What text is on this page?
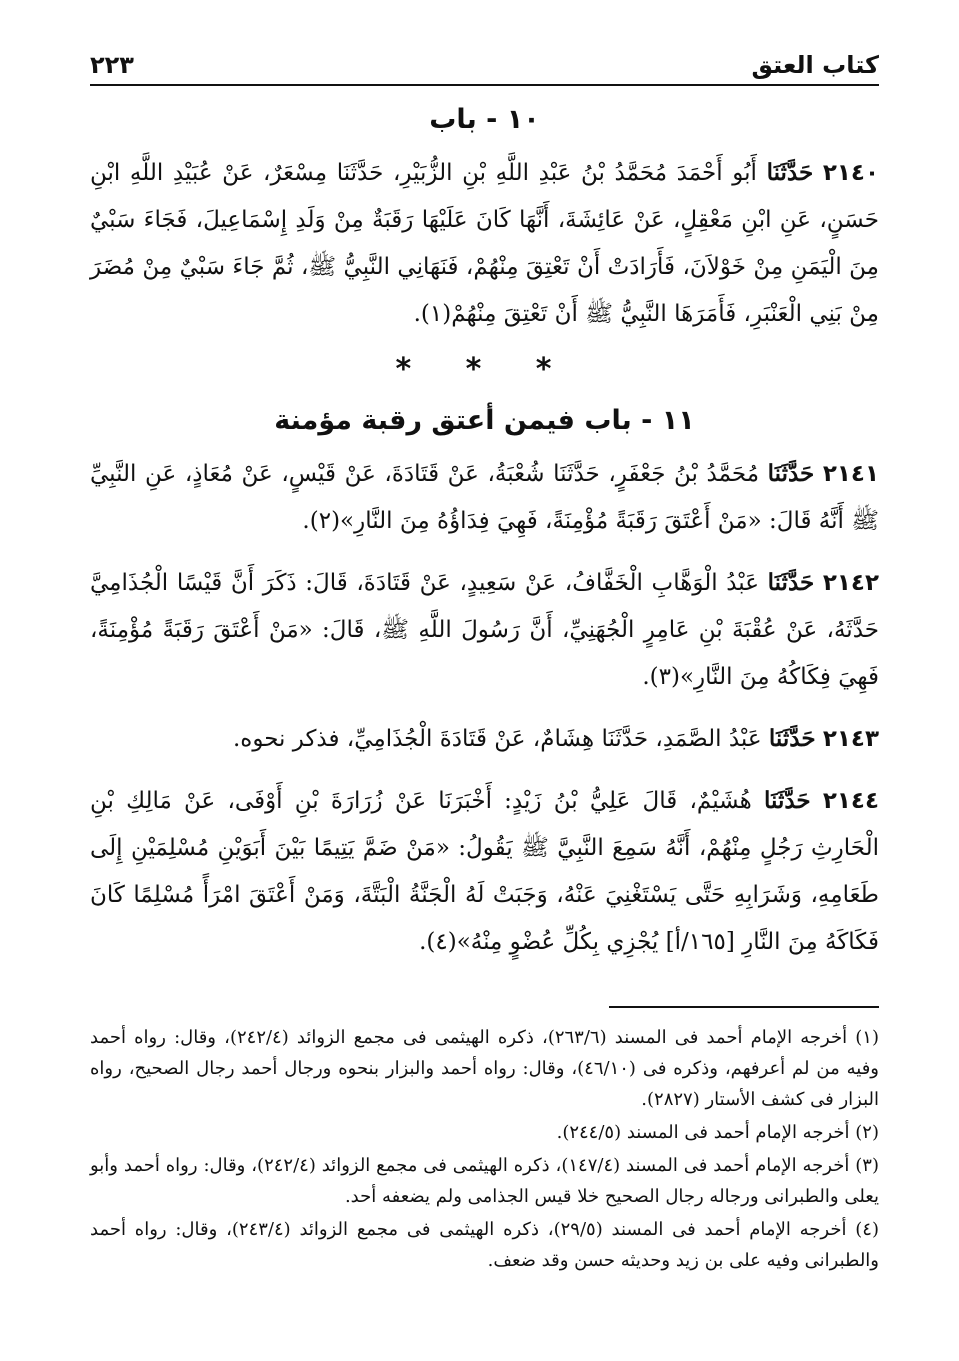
كتاب العتق
٢٢٣
١٠ - باب

٢١٤٠ حَدَّثَنَا أَبُو أَحْمَدَ مُحَمَّدُ بْنُ عَبْدِ اللَّهِ بْنِ الزُّبَيْرِ، حَدَّثَنَا مِسْعَرٌ، عَنْ عُبَيْدِ اللَّهِ ابْنِ حَسَنٍ، عَنِ ابْنِ مَعْقِلٍ، عَنْ عَائِشَةَ، أَنَّهَا كَانَ عَلَيْهَا رَقَبَةٌ مِنْ وَلَدِ إِسْمَاعِيلَ، فَجَاءَ سَبْيٌ مِنَ الْيَمَنِ مِنْ خَوْلاَنَ، فَأَرَادَتْ أَنْ تَعْتِقَ مِنْهُمْ، فَنَهَانِي النَّبِيُّ ﷺ، ثُمَّ جَاءَ سَبْيٌ مِنْ مُضَرَ مِنْ بَنِي الْعَنْبَرِ، فَأَمَرَهَا النَّبِيُّ ﷺ أَنْ تَعْتِقَ مِنْهُمْ(١).

* * *
١١ - باب فيمن أعتق رقبة مؤمنة

٢١٤١ حَدَّثَنَا مُحَمَّدُ بْنُ جَعْفَرٍ، حَدَّثَنَا شُعْبَةُ، عَنْ قَتَادَةَ، عَنْ قَيْسٍ، عَنْ مُعَاذٍ، عَنِ النَّبِيِّ ﷺ أَنَّهُ قَالَ: «مَنْ أَعْتَقَ رَقَبَةً مُؤْمِنَةً، فَهِيَ فِدَاؤُهُ مِنَ النَّارِ»(٢).

٢١٤٢ حَدَّثَنَا عَبْدُ الْوَهَّابِ الْخَفَّافُ، عَنْ سَعِيدٍ، عَنْ قَتَادَةَ، قَالَ: ذَكَرَ أَنَّ قَيْسًا الْجُذَامِيَّ حَدَّثَهُ، عَنْ عُقْبَةَ بْنِ عَامِرٍ الْجُهَنِيِّ، أَنَّ رَسُولَ اللَّهِ ﷺ، قَالَ: «مَنْ أَعْتَقَ رَقَبَةً مُؤْمِنَةً، فَهِيَ فِكَاكُهُ مِنَ النَّارِ»(٣).

٢١٤٣ حَدَّثَنَا عَبْدُ الصَّمَدِ، حَدَّثَنَا هِشَامٌ، عَنْ قَتَادَةَ الْجُذَامِيِّ، فذكر نحوه.

٢١٤٤ حَدَّثَنَا هُشَيْمٌ، قَالَ عَلِيُّ بْنُ زَيْدٍ: أَخْبَرَنَا عَنْ زُرَارَةَ بْنِ أَوْفَى، عَنْ مَالِكِ بْنِ الْحَارِثِ رَجُلٍ مِنْهُمْ، أَنَّهُ سَمِعَ النَّبِيَّ ﷺ يَقُولُ: «مَنْ ضَمَّ يَتِيمًا بَيْنَ أَبَوَيْنِ مُسْلِمَيْنِ إِلَى طَعَامِهِ، وَشَرَابِهِ حَتَّى يَسْتَغْنِيَ عَنْهُ، وَجَبَتْ لَهُ الْجَنَّةُ الْبَتَّةَ، وَمَنْ أَعْتَقَ امْرَأً مُسْلِمًا كَانَ فَكَاكَهُ مِنَ النَّارِ [١٦٥/أ] يُجْزِي بِكُلِّ عُضْوٍ مِنْهُ»(٤).

(١) أخرجه الإمام أحمد فى المسند (٢٦٣/٦)، ذكره الهيثمى فى مجمع الزوائد (٢٤٢/٤)، وقال: رواه أحمد وفيه من لم أعرفهم، وذكره فى (٤٦/١٠)، وقال: رواه أحمد والبزار بنحوه ورجال أحمد رجال الصحيح، رواه البزار فى كشف الأستار (٢٨٢٧).

(٢) أخرجه الإمام أحمد فى المسند (٢٤٤/٥).

(٣) أخرجه الإمام أحمد فى المسند (١٤٧/٤)، ذكره الهيثمى فى مجمع الزوائد (٢٤٢/٤)، وقال: رواه أحمد وأبو يعلى والطبرانى ورجاله رجال الصحيح خلا قيس الجذامى ولم يضعفه أحد.

(٤) أخرجه الإمام أحمد فى المسند (٢٩/٥)، ذكره الهيثمى فى مجمع الزوائد (٢٤٣/٤)، وقال: رواه أحمد والطبرانى وفيه على بن زيد وحديثه حسن وقد ضعف.
